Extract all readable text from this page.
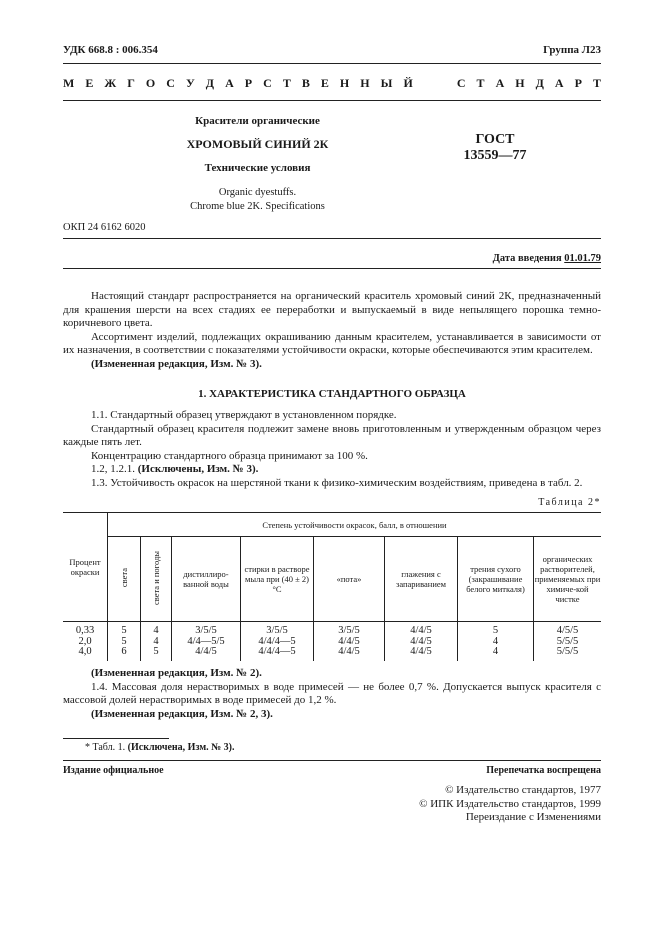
УДК 668.8 : 006.354	Группа Л23
М Е Ж Г О С У Д А Р С Т В Е Н Н Ы Й	С Т А Н Д А Р Т
Красители органические
ХРОМОВЫЙ СИНИЙ 2К
Технические условия
Organic dyestuffs.
Chrome blue 2K. Specifications
ГОСТ
13559—77
ОКП 24 6162 6020
Дата введения 01.01.79

Настоящий стандарт распространяется на органический краситель хромовый синий 2К, предназначенный для крашения шерсти на всех стадиях ее переработки и выпускаемый в виде непылящего порошка темно-коричневого цвета.

Ассортимент изделий, подлежащих окрашиванию данным красителем, устанавливается в зависимости от их назначения, в соответствии с показателями устойчивости окраски, которые обеспечиваются этим красителем.

(Измененная редакция, Изм. № 3).

1. ХАРАКТЕРИСТИКА СТАНДАРТНОГО ОБРАЗЦА

1.1. Стандартный образец утверждают в установленном порядке.

Стандартный образец красителя подлежит замене вновь приготовленным и утвержденным образцом через каждые пять лет.

Концентрацию стандартного образца принимают за 100 %.

1.2, 1.2.1. (Исключены, Изм. № 3).

1.3. Устойчивость окрасок на шерстяной ткани к физико-химическим воздействиям, приведена в табл. 2.

Таблица 2*
Процент окраски	Степень устойчивости окрасок, балл, в отношении							
	света	света и погоды	дистиллиро-ванной воды	стирки в растворе мыла при (40 ± 2) °С	«пота»	глажения с запариванием	трения сухого (закрашивание белого миткаля)	органических растворителей, применяемых при химиче-кой чистке
0,33	5	4	3/5/5	3/5/5	3/5/5	4/4/5	5	4/5/5
2,0	5	4	4/4—5/5	4/4/4—5	4/4/5	4/4/5	4	5/5/5
4,0	6	5	4/4/5	4/4/4—5	4/4/5	4/4/5	4	5/5/5

(Измененная редакция, Изм. № 2).

1.4. Массовая доля нерастворимых в воде примесей — не более 0,7 %. Допускается выпуск красителя с массовой долей нерастворимых в воде примесей до 1,2 %.

(Измененная редакция, Изм. № 2, 3).

* Табл. 1. (Исключена, Изм. № 3).
Издание официальное	Перепечатка воспрещена
© Издательство стандартов, 1977
© ИПК Издательство стандартов, 1999
Переиздание с Изменениями
